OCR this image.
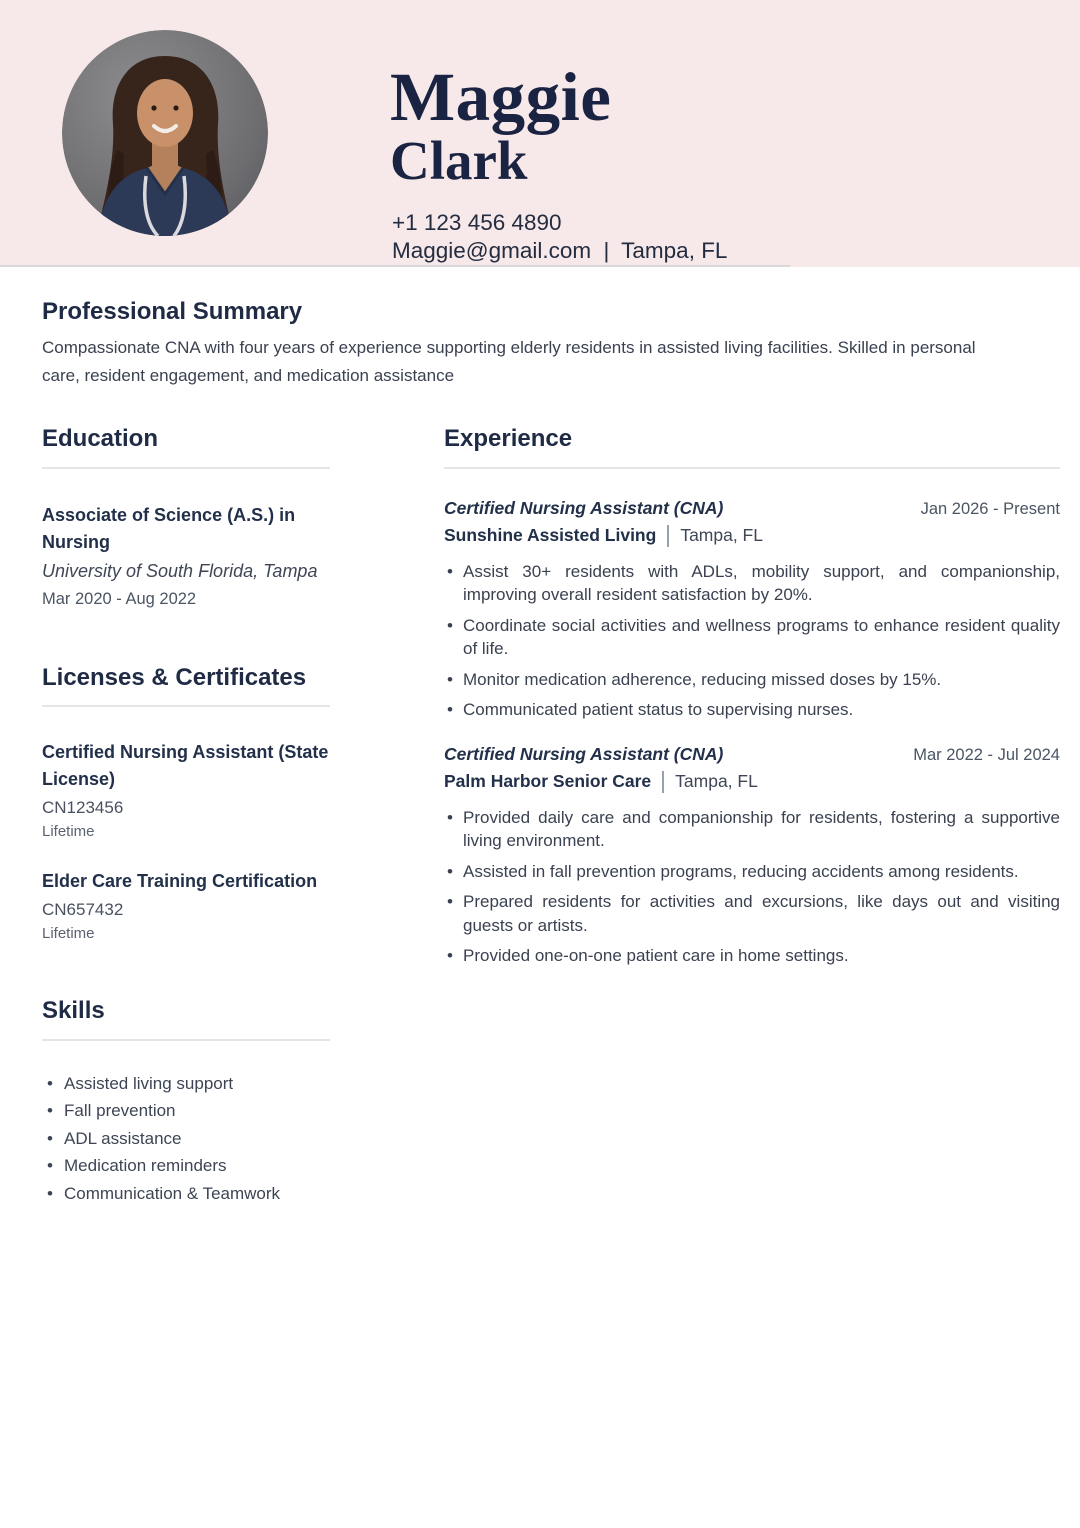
Maggie
Clark
+1 123 456 4890
Maggie@gmail.com | Tampa, FL
Professional Summary

Compassionate CNA with four years of experience supporting elderly residents in assisted living facilities. Skilled in personal care, resident engagement, and medication assistance

Education
Associate of Science (A.S.) in Nursing
University of South Florida, Tampa
Mar 2020 - Aug 2022
Licenses & Certificates
Certified Nursing Assistant (State License)
CN123456
Lifetime
Elder Care Training Certification
CN657432
Lifetime
Skills
• Assisted living support
• Fall prevention
• ADL assistance
• Medication reminders
• Communication & Teamwork
Experience
Certified Nursing Assistant (CNA)	Jan 2026 - Present
Sunshine Assisted Living Tampa, FL
• Assist 30+ residents with ADLs, mobility support, and companionship, improving overall resident satisfaction by 20%.
• Coordinate social activities and wellness programs to enhance resident quality of life.
• Monitor medication adherence, reducing missed doses by 15%.
• Communicated patient status to supervising nurses.
Certified Nursing Assistant (CNA)	Mar 2022 - Jul 2024
Palm Harbor Senior Care Tampa, FL
• Provided daily care and companionship for residents, fostering a supportive living environment.
• Assisted in fall prevention programs, reducing accidents among residents.
• Prepared residents for activities and excursions, like days out and visiting guests or artists.
• Provided one-on-one patient care in home settings.
